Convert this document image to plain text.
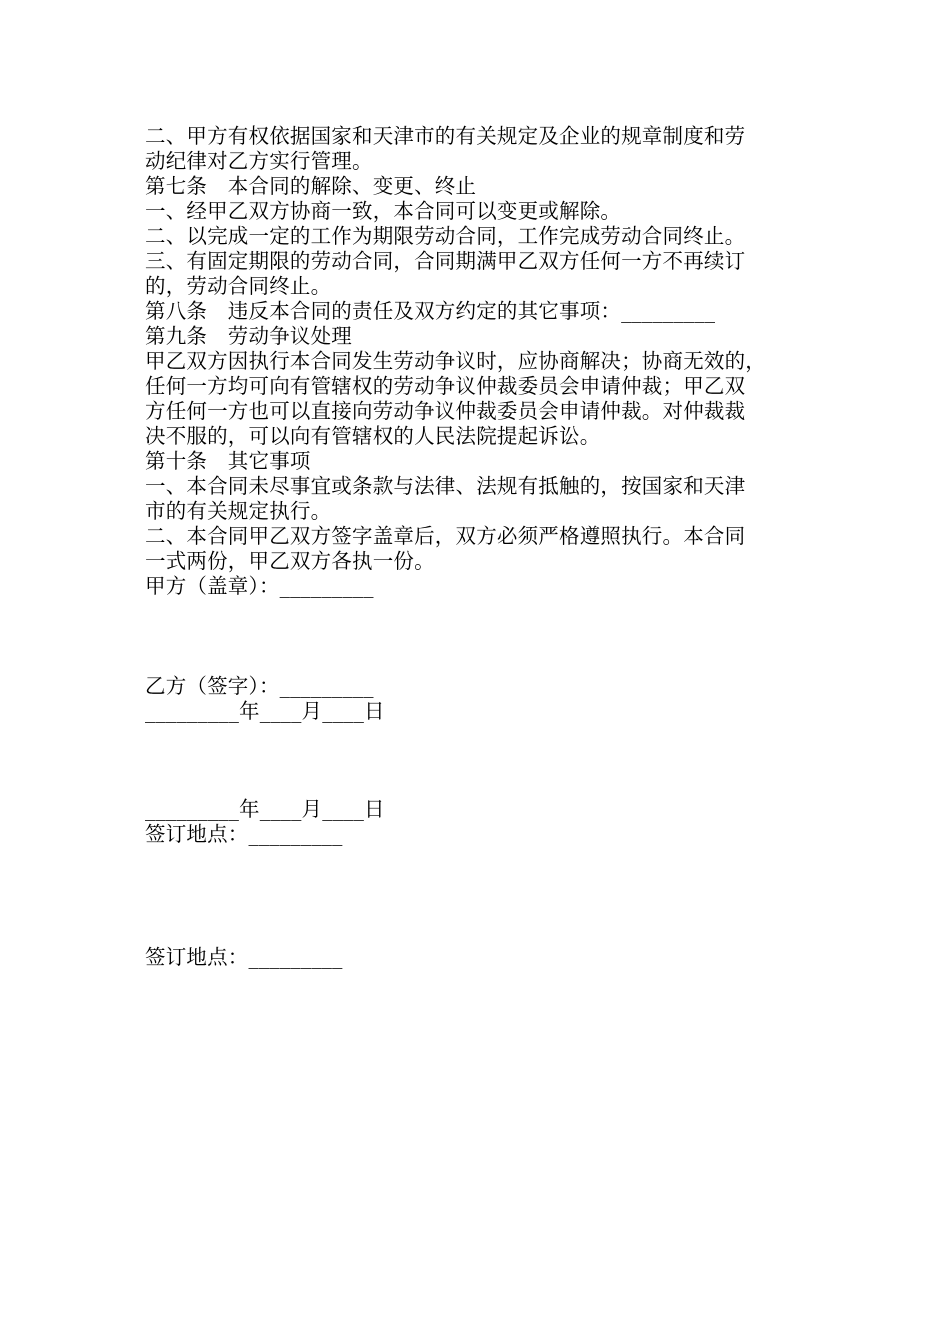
二、甲方有权依据国家和天津市的有关规定及企业的规章制度和劳
动纪律对乙方实行管理。
第七条　本合同的解除、变更、终止
一、经甲乙双方协商一致，本合同可以变更或解除。
二、以完成一定的工作为期限劳动合同，工作完成劳动合同终止。
三、有固定期限的劳动合同，合同期满甲乙双方任何一方不再续订
的，劳动合同终止。
第八条　违反本合同的责任及双方约定的其它事项：_________
第九条　劳动争议处理
甲乙双方因执行本合同发生劳动争议时，应协商解决；协商无效的，
任何一方均可向有管辖权的劳动争议仲裁委员会申请仲裁；甲乙双
方任何一方也可以直接向劳动争议仲裁委员会申请仲裁。对仲裁裁
决不服的，可以向有管辖权的人民法院提起诉讼。
第十条　其它事项
一、本合同未尽事宜或条款与法律、法规有抵触的，按国家和天津
市的有关规定执行。
二、本合同甲乙双方签字盖章后，双方必须严格遵照执行。本合同
一式两份，甲乙双方各执一份。
甲方（盖章）：_________
乙方（签字）：_________
_________年____月____日
_________年____月____日
签订地点：_________
签订地点：_________
